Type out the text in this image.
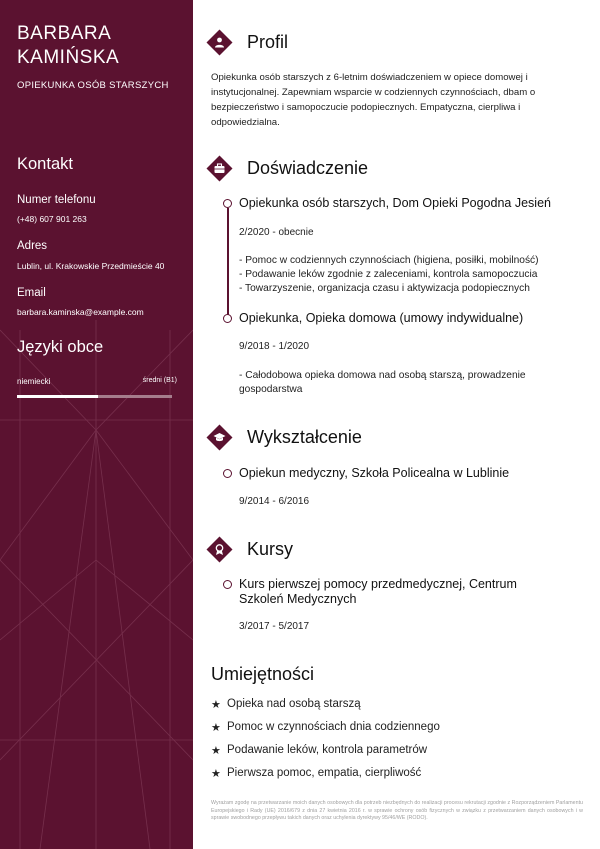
BARBARA
KAMIŃSKA
OPIEKUNKA OSÓB STARSZYCH
Kontakt
Numer telefonu
(+48) 607 901 263
Adres
Lublin, ul. Krakowskie Przedmieście 40
Email
barbara.kaminska@example.com
Języki obce
niemiecki	średni (B1)
Profil
Opiekunka osób starszych z 6-letnim doświadczeniem w opiece domowej i instytucjonalnej. Zapewniam wsparcie w codziennych czynnościach, dbam o bezpieczeństwo i samopoczucie podopiecznych. Empatyczna, cierpliwa i odpowiedzialna.
Doświadczenie
Opiekunka osób starszych, Dom Opieki Pogodna Jesień
2/2020 - obecnie
- Pomoc w codziennych czynnościach (higiena, posiłki, mobilność)
- Podawanie leków zgodnie z zaleceniami, kontrola samopoczucia
- Towarzyszenie, organizacja czasu i aktywizacja podopiecznych
Opiekunka, Opieka domowa (umowy indywidualne)
9/2018 - 1/2020
- Całodobowa opieka domowa nad osobą starszą, prowadzenie
gospodarstwa
Wykształcenie
Opiekun medyczny, Szkoła Policealna w Lublinie
9/2014 - 6/2016
Kursy
Kurs pierwszej pomocy przedmedycznej, Centrum
Szkoleń Medycznych
3/2017 - 5/2017
Umiejętności
★ Opieka nad osobą starszą
★ Pomoc w czynnościach dnia codziennego
★ Podawanie leków, kontrola parametrów
★ Pierwsza pomoc, empatia, cierpliwość
Wyrażam zgodę na przetwarzanie moich danych osobowych dla potrzeb niezbędnych do realizacji procesu rekrutacji zgodnie z Rozporządzeniem Parlamentu Europejskiego i Rady (UE) 2016/679 z dnia 27 kwietnia 2016 r. w sprawie ochrony osób fizycznych w związku z przetwarzaniem danych osobowych i w sprawie swobodnego przepływu takich danych oraz uchylenia dyrektywy 95/46/WE (RODO).
